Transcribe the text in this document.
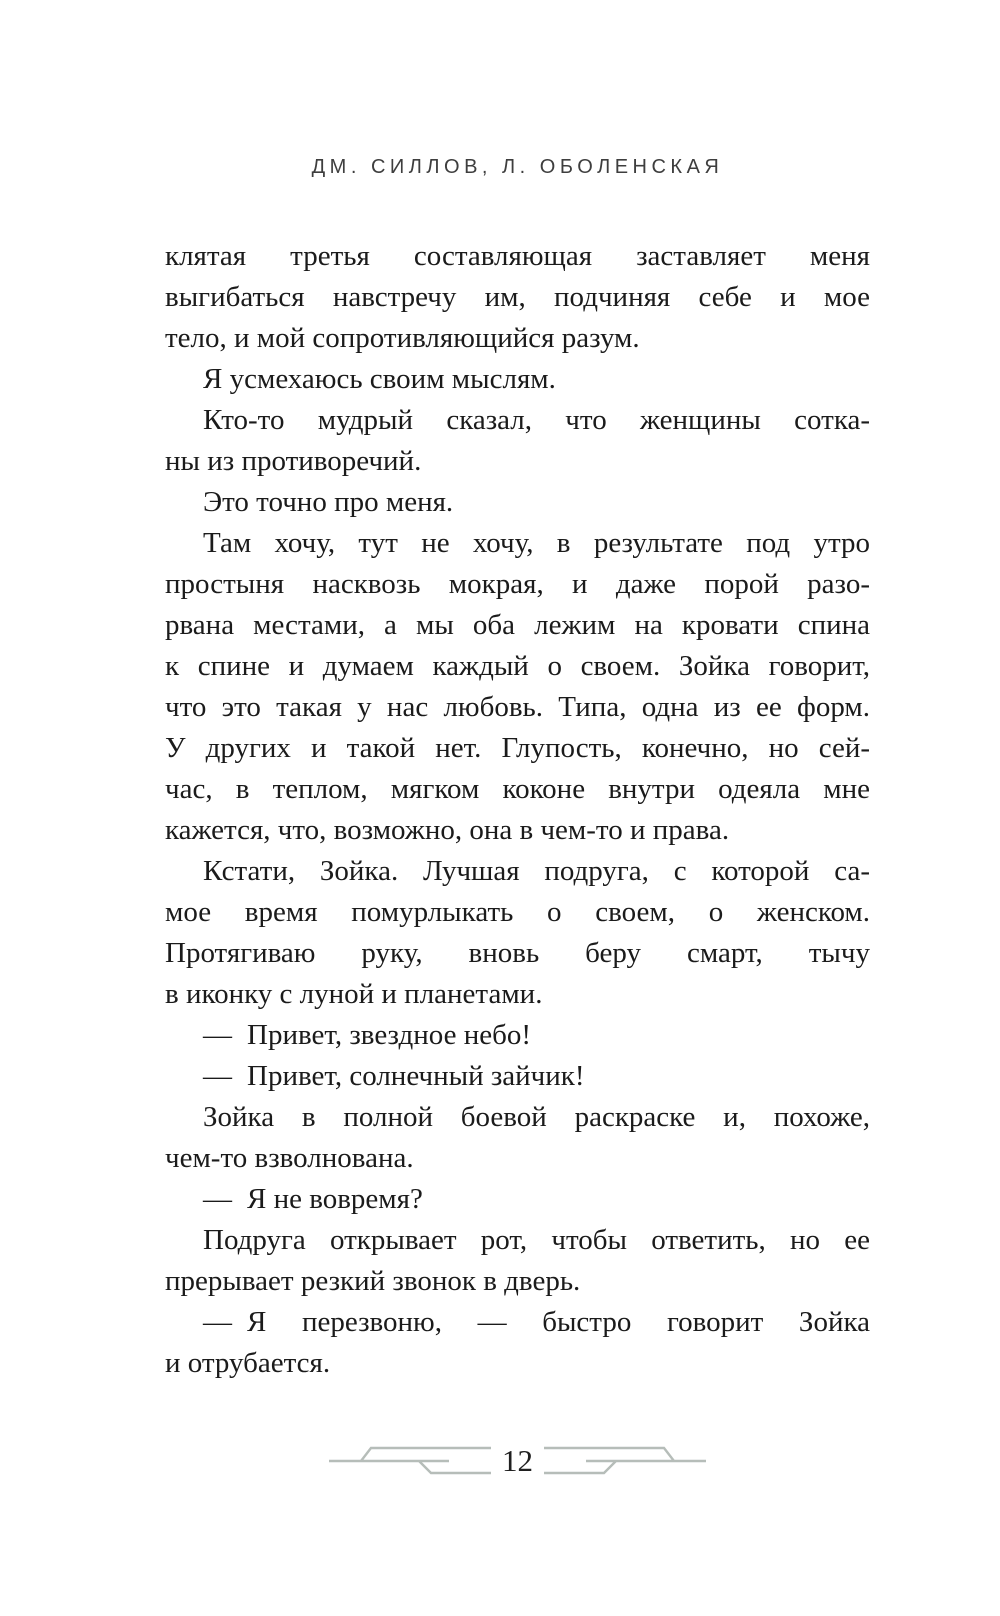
ДМ. СИЛЛОВ, Л. ОБОЛЕНСКАЯ
клятая третья составляющая заставляет меня
выгибаться навстречу им, подчиняя себе и мое
тело, и мой сопротивляющийся разум.
Я усмехаюсь своим мыслям.
Кто-то мудрый сказал, что женщины сотка-
ны из противоречий.
Это точно про меня.
Там хочу, тут не хочу, в результате под утро
простыня насквозь мокрая, и даже порой разо-
рвана местами, а мы оба лежим на кровати спина
к спине и думаем каждый о своем. Зойка говорит,
что это такая у нас любовь. Типа, одна из ее форм.
У других и такой нет. Глупость, конечно, но сей-
час, в теплом, мягком коконе внутри одеяла мне
кажется, что, возможно, она в чем-то и права.
Кстати, Зойка. Лучшая подруга, с которой са-
мое время помурлыкать о своем, о женском.
Протягиваю руку, вновь беру смарт, тычу
в иконку с луной и планетами.
— Привет, звездное небо!
— Привет, солнечный зайчик!
Зойка в полной боевой раскраске и, похоже,
чем-то взволнована.
— Я не вовремя?
Подруга открывает рот, чтобы ответить, но ее
прерывает резкий звонок в дверь.
— Я перезвоню, — быстро говорит Зойка
и отрубается.
12
